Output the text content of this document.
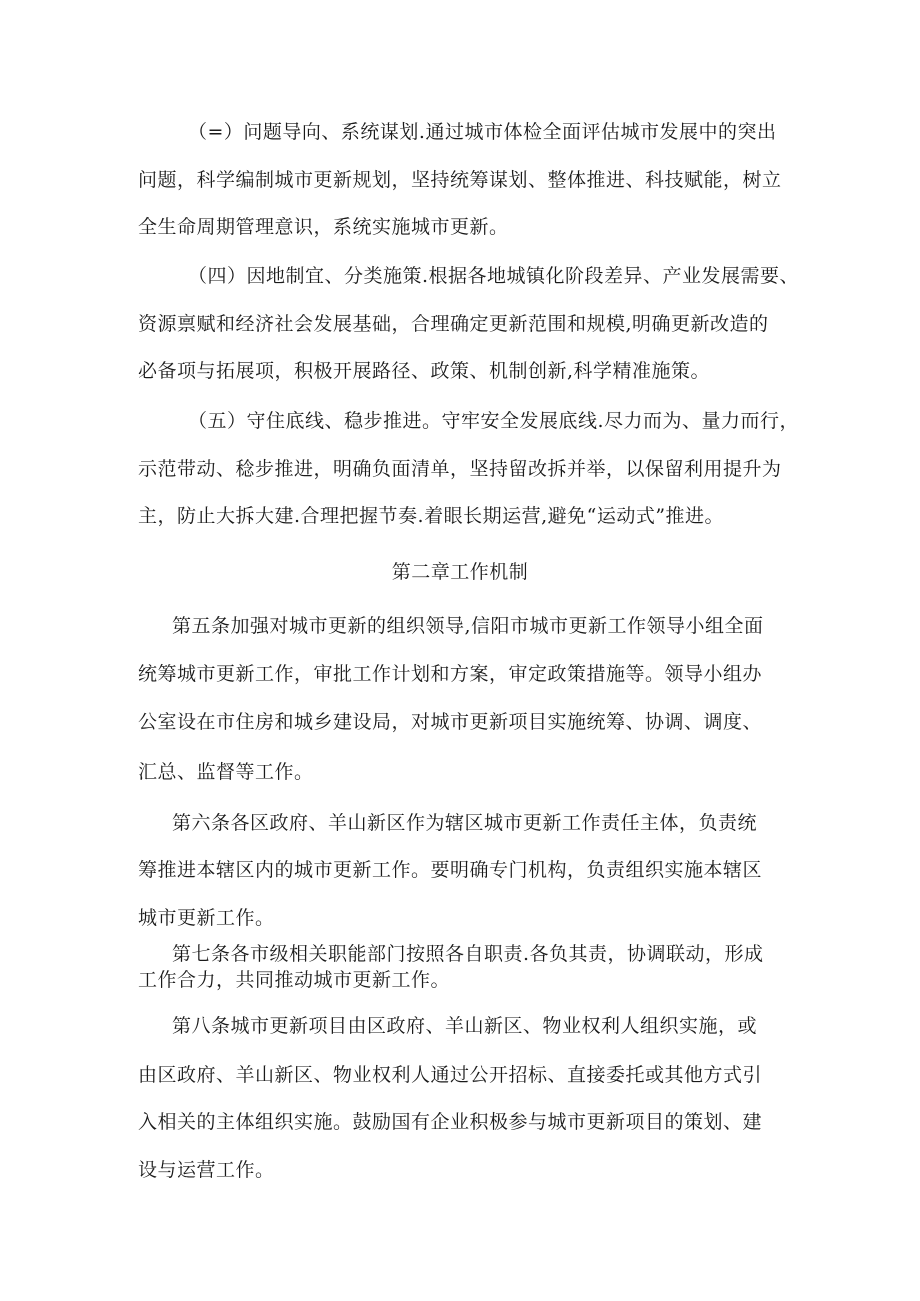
（=）问题导向、系统谋划.通过城市体检全面评估城市发展中的突出
问题，科学编制城市更新规划，坚持统筹谋划、整体推进、科技赋能，树立
全生命周期管理意识，系统实施城市更新。
（四）因地制宜、分类施策.根据各地城镇化阶段差异、产业发展需要、
资源禀赋和经济社会发展基础，合理确定更新范围和规模,明确更新改造的
必备项与拓展项，积极开展路径、政策、机制创新,科学精准施策。
（五）守住底线、稳步推进。守牢安全发展底线.尽力而为、量力而行，
示范带动、稔步推进，明确负面清单，坚持留改拆并举，以保留利用提升为
主，防止大拆大建.合理把握节奏.着眼长期运营,避免“运动式”推进。
第二章工作机制
第五条加强对城市更新的组织领导,信阳市城市更新工作领导小组全面
统筹城市更新工作，审批工作计划和方案，审定政策措施等。领导小组办
公室设在市住房和城乡建设局，对城市更新项目实施统筹、协调、调度、
汇总、监督等工作。
第六条各区政府、羊山新区作为辖区城市更新工作责任主体，负责统
筹推进本辖区内的城市更新工作。要明确专门机构，负责组织实施本辖区
城市更新工作。
第七条各市级相关职能部门按照各自职责.各负其责，协调联动，形成
工作合力，共同推动城市更新工作。
第八条城市更新项目由区政府、羊山新区、物业权利人组织实施，或
由区政府、羊山新区、物业权利人通过公开招标、直接委托或其他方式引
入相关的主体组织实施。鼓励国有企业积极参与城市更新项目的策划、建
设与运营工作。
